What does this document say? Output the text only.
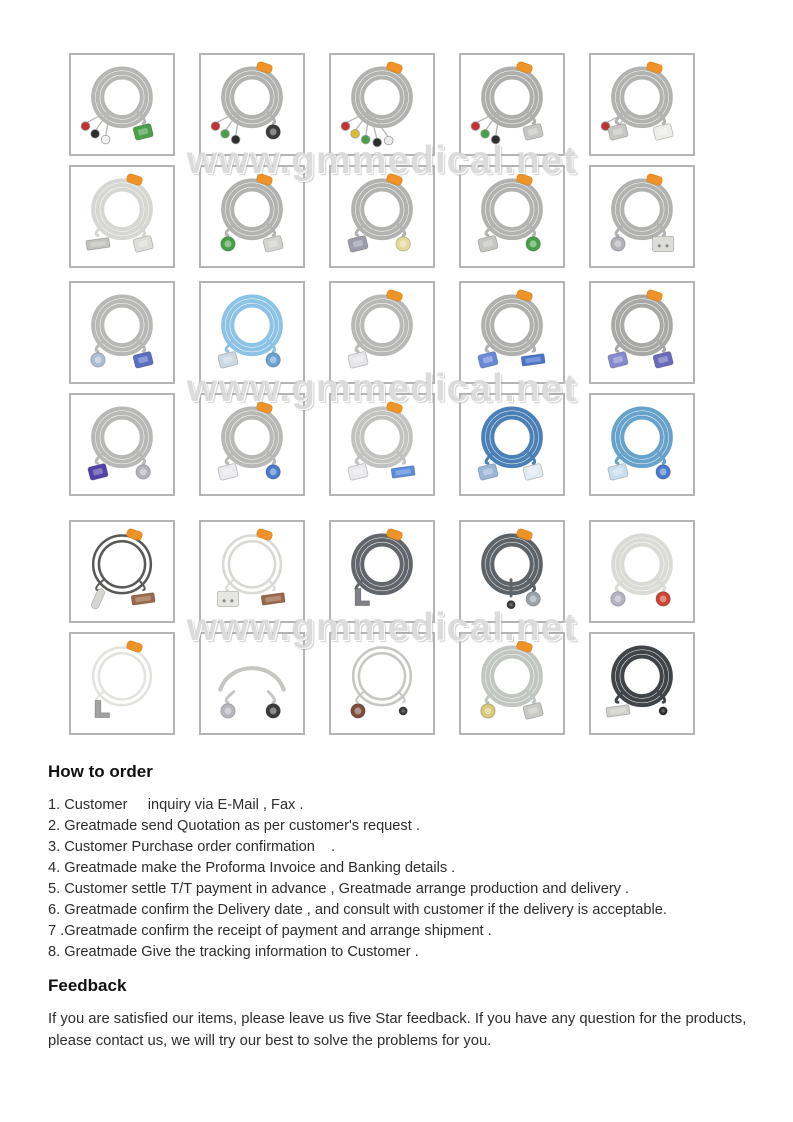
www.gmmedical.net
www.gmmedical.net
www.gmmedical.net
How to order
1. Customer     inquiry via E-Mail , Fax .
2. Greatmade send Quotation as per customer's request .
3. Customer Purchase order confirmation    .
4. Greatmade make the Proforma Invoice and Banking details .
5. Customer settle T/T payment in advance , Greatmade arrange production and delivery .
6. Greatmade confirm the Delivery date , and consult with customer if the delivery is acceptable.
7 .Greatmade confirm the receipt of payment and arrange shipment .
8. Greatmade Give the tracking information to Customer .
Feedback

If you are satisfied our items, please leave us five Star feedback. If you have any question for the products, please contact us, we will try our best to solve the problems for you.
